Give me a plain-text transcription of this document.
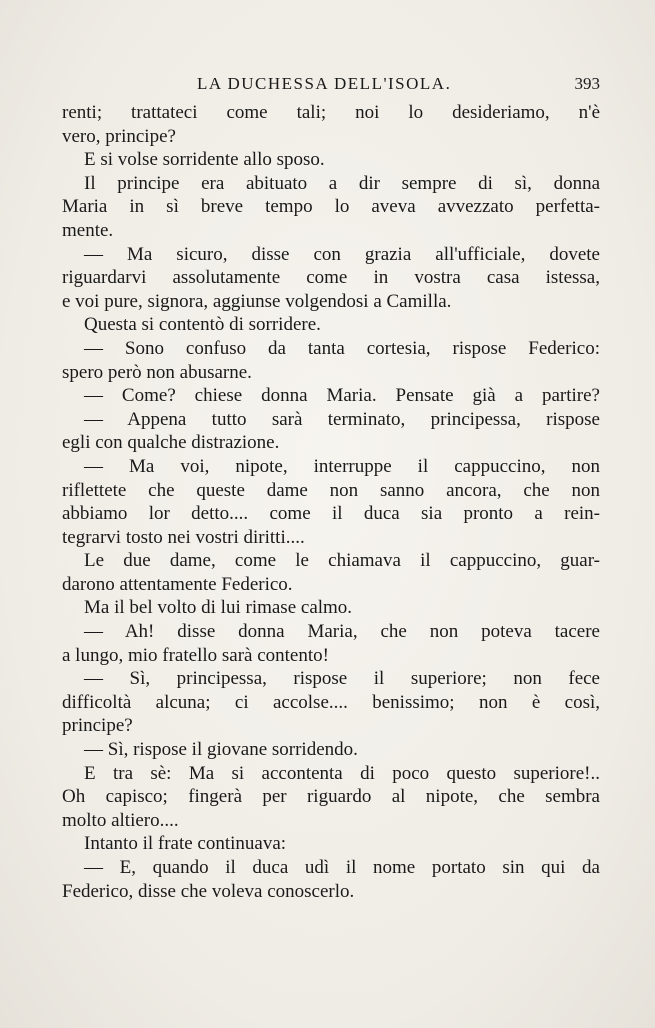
LA DUCHESSA DELL'ISOLA.	393
renti; trattateci come tali; noi lo desideriamo, n'è
vero, principe?
E si volse sorridente allo sposo.
Il principe era abituato a dir sempre di sì, donna
Maria in sì breve tempo lo aveva avvezzato perfetta-
mente.
— Ma sicuro, disse con grazia all'ufficiale, dovete
riguardarvi assolutamente come in vostra casa istessa,
e voi pure, signora, aggiunse volgendosi a Camilla.
Questa si contentò di sorridere.
— Sono confuso da tanta cortesia, rispose Federico:
spero però non abusarne.
— Come? chiese donna Maria. Pensate già a partire?
— Appena tutto sarà terminato, principessa, rispose
egli con qualche distrazione.
— Ma voi, nipote, interruppe il cappuccino, non
riflettete che queste dame non sanno ancora, che non
abbiamo lor detto.... come il duca sia pronto a rein-
tegrarvi tosto nei vostri diritti....
Le due dame, come le chiamava il cappuccino, guar-
darono attentamente Federico.
Ma il bel volto di lui rimase calmo.
— Ah! disse donna Maria, che non poteva tacere
a lungo, mio fratello sarà contento!
— Sì, principessa, rispose il superiore; non fece
difficoltà alcuna; ci accolse.... benissimo; non è così,
principe?
— Sì, rispose il giovane sorridendo.
E tra sè: Ma si accontenta di poco questo superiore!..
Oh capisco; fingerà per riguardo al nipote, che sembra
molto altiero....
Intanto il frate continuava:
— E, quando il duca udì il nome portato sin qui da
Federico, disse che voleva conoscerlo.
